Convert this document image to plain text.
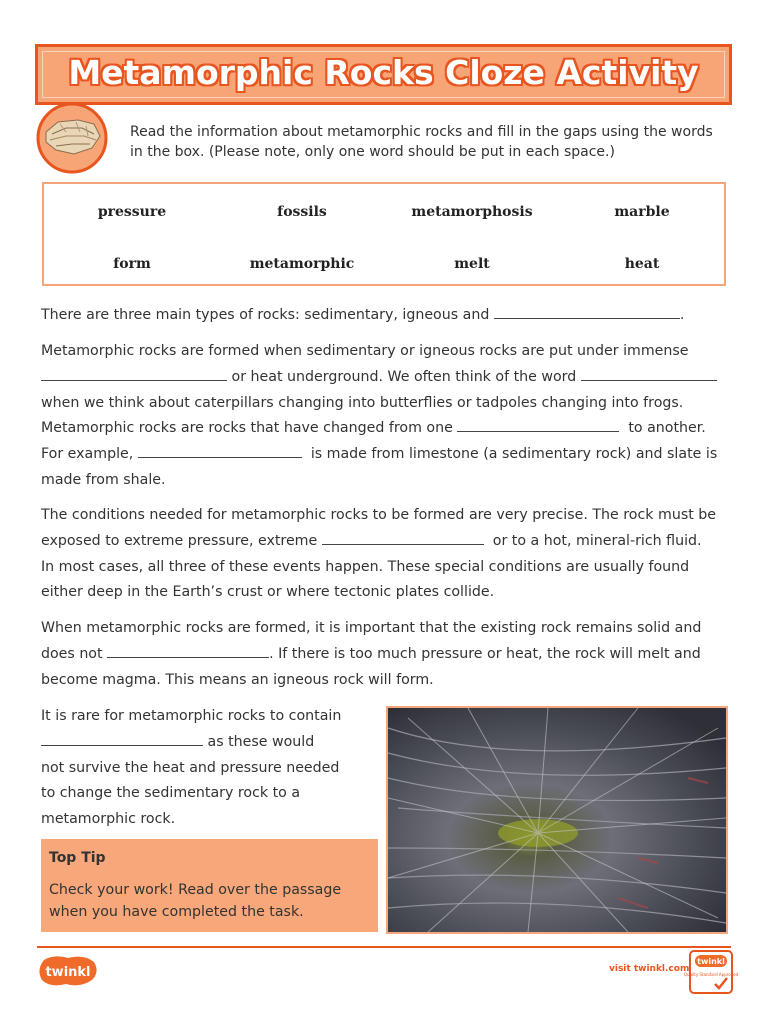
Metamorphic Rocks Cloze Activity
Read the information about metamorphic rocks and fill in the gaps using the words in the box. (Please note, only one word should be put in each space.)
pressure	fossils	metamorphosis	marble
form	metamorphic	melt	heat
There are three main types of rocks: sedimentary, igneous and	.
Metamorphic rocks are formed when sedimentary or igneous rocks are put under immense
or heat underground. We often think of the word
when we think about caterpillars changing into butterflies or tadpoles changing into frogs.
Metamorphic rocks are rocks that have changed from one	to another.
For example,	is made from limestone (a sedimentary rock) and slate is
made from shale.
The conditions needed for metamorphic rocks to be formed are very precise. The rock must be
exposed to extreme pressure, extreme	or to a hot, mineral-rich fluid.
In most cases, all three of these events happen. These special conditions are usually found
either deep in the Earth’s crust or where tectonic plates collide.
When metamorphic rocks are formed, it is important that the existing rock remains solid and
does not	. If there is too much pressure or heat, the rock will melt and
become magma. This means an igneous rock will form.
It is rare for metamorphic rocks to contain
as these would
not survive the heat and pressure needed
to change the sedimentary rock to a
metamorphic rock.
Top Tip
Check your work! Read over the passage when you have completed the task.
twinkl	visit twinkl.com
twinkl
Quality Standard Approved
